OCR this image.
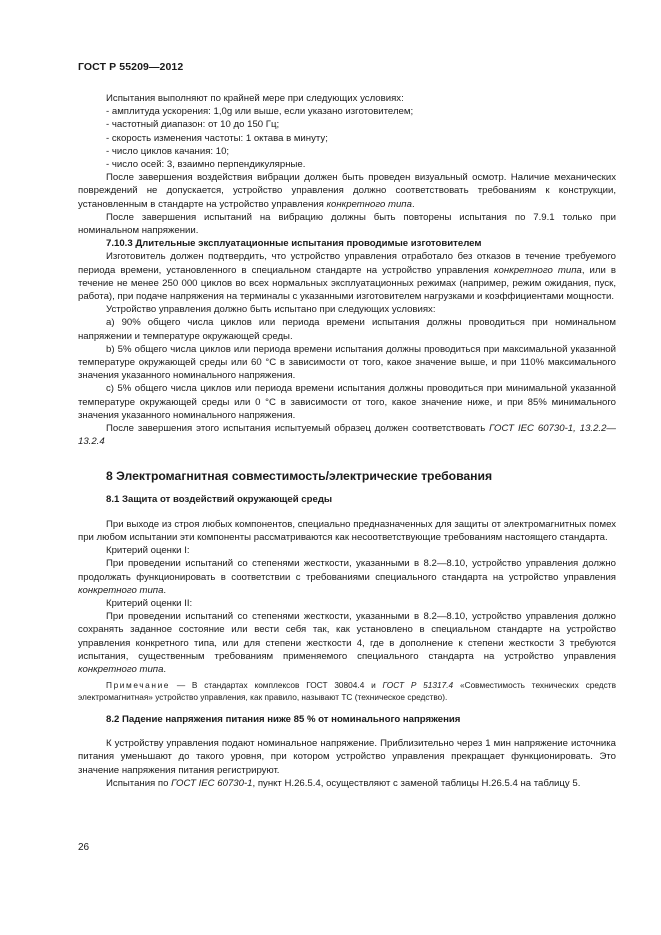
ГОСТ Р 55209—2012

Испытания выполняют по крайней мере при следующих условиях:

- амплитуда ускорения: 1,0g или выше, если указано изготовителем;

- частотный диапазон: от 10 до 150 Гц;

- скорость изменения частоты: 1 октава в минуту;

- число циклов качания: 10;

- число осей: 3, взаимно перпендикулярные.

После завершения воздействия вибрации должен быть проведен визуальный осмотр. Наличие механических повреждений не допускается, устройство управления должно соответствовать требованиям к конструкции, установленным в стандарте на устройство управления конкретного типа.

После завершения испытаний на вибрацию должны быть повторены испытания по 7.9.1 только при номинальном напряжении.

7.10.3 Длительные эксплуатационные испытания проводимые изготовителем

Изготовитель должен подтвердить, что устройство управления отработало без отказов в течение требуемого периода времени, установленного в специальном стандарте на устройство управления конкретного типа, или в течение не менее 250 000 циклов во всех нормальных эксплуатационных режимах (например, режим ожидания, пуск, работа), при подаче напряжения на терминалы с указанными изготовителем нагрузками и коэффициентами мощности.

Устройство управления должно быть испытано при следующих условиях:

а) 90% общего числа циклов или периода времени испытания должны проводиться при номинальном напряжении и температуре окружающей среды.

b) 5% общего числа циклов или периода времени испытания должны проводиться при максимальной указанной температуре окружающей среды или 60 °С в зависимости от того, какое значение выше, и при 110% максимального значения указанного номинального напряжения.

с) 5% общего числа циклов или периода времени испытания должны проводиться при минимальной указанной температуре окружающей среды или 0 °С в зависимости от того, какое значение ниже, и при 85% минимального значения указанного номинального напряжения.

После завершения этого испытания испытуемый образец должен соответствовать ГОСТ IEC 60730-1, 13.2.2—13.2.4

8 Электромагнитная совместимость/электрические требования

8.1 Защита от воздействий окружающей среды

При выходе из строя любых компонентов, специально предназначенных для защиты от электромагнитных помех при любом испытании эти компоненты рассматриваются как несоответствующие требованиям настоящего стандарта.

Критерий оценки I:

При проведении испытаний со степенями жесткости, указанными в 8.2—8.10, устройство управления должно продолжать функционировать в соответствии с требованиями специального стандарта на устройство управления конкретного типа.

Критерий оценки II:

При проведении испытаний со степенями жесткости, указанными в 8.2—8.10, устройство управления должно сохранять заданное состояние или вести себя так, как установлено в специальном стандарте на устройство управления конкретного типа, или для степени жесткости 4, где в дополнение к степени жесткости 3 требуются испытания, существенным требованиям применяемого специального стандарта на устройство управления конкретного типа.

Примечание — В стандартах комплексов ГОСТ 30804.4 и ГОСТ Р 51317.4 «Совместимость технических средств электромагнитная» устройство управления, как правило, называют ТС (техническое средство).

8.2 Падение напряжения питания ниже 85 % от номинального напряжения

К устройству управления подают номинальное напряжение. Приблизительно через 1 мин напряжение источника питания уменьшают до такого уровня, при котором устройство управления прекращает функционировать. Это значение напряжения питания регистрируют.

Испытания по ГОСТ IEC 60730-1, пункт Н.26.5.4, осуществляют с заменой таблицы Н.26.5.4 на таблицу 5.

26
